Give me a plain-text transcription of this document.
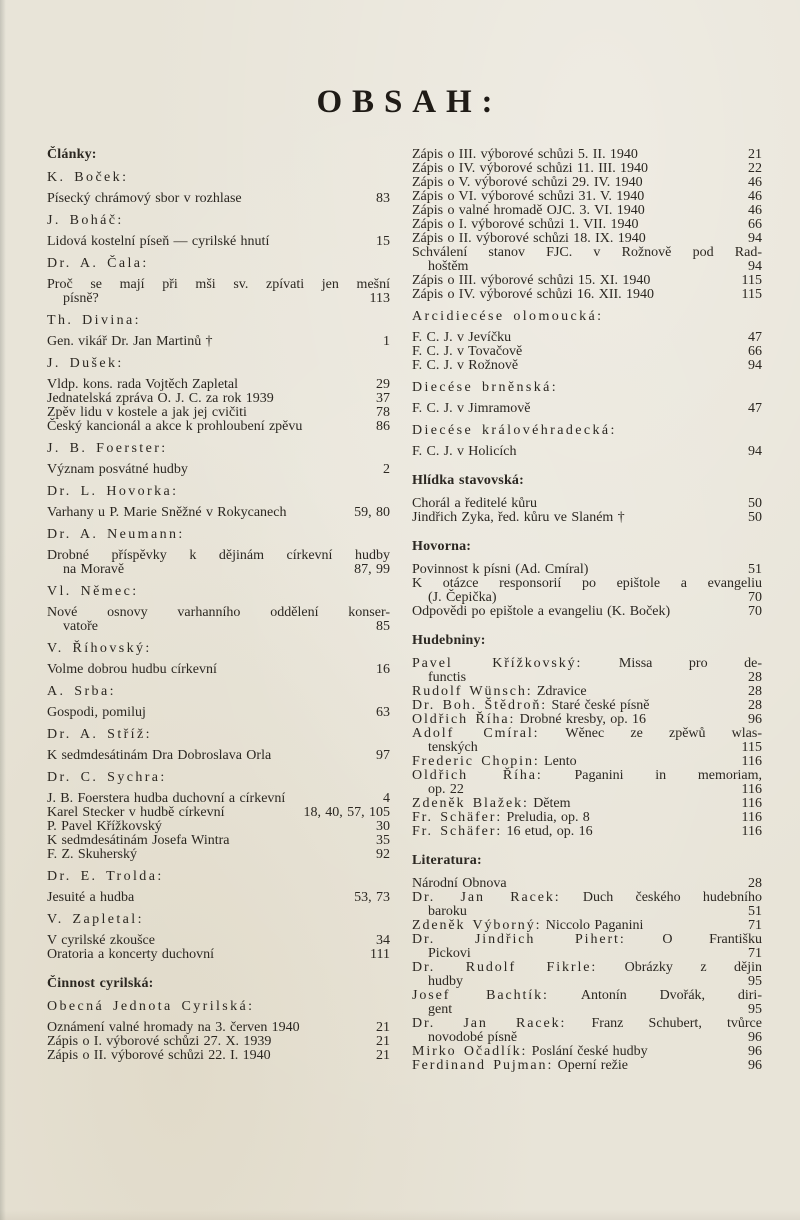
OBSAH:
Články:
K. Boček:
Písecký chrámový sbor v rozhlase	83
J. Boháč:
Lidová kostelní píseň — cyrilské hnutí	15
Dr. A. Čala:
Proč se mají při mši sv. zpívati jen mešní
písně?	113
Th. Divina:
Gen. vikář Dr. Jan Martinů †	1
J. Dušek:
Vldp. kons. rada Vojtěch Zapletal	29
Jednatelská zpráva O. J. C. za rok 1939	37
Zpěv lidu v kostele a jak jej cvičiti	78
Český kancionál a akce k prohloubení zpěvu	86
J. B. Foerster:
Význam posvátné hudby	2
Dr. L. Hovorka:
Varhany u P. Marie Sněžné v Rokycanech	59, 80
Dr. A. Neumann:
Drobné příspěvky k dějinám církevní hudby
na Moravě	87, 99
Vl. Němec:
Nové osnovy varhanního oddělení konser-
vatoře	85
V. Říhovský:
Volme dobrou hudbu církevní	16
A. Srba:
Gospodi, pomiluj	63
Dr. A. Stříž:
K sedmdesátinám Dra Dobroslava Orla	97
Dr. C. Sychra:
J. B. Foerstera hudba duchovní a církevní	4
Karel Stecker v hudbě církevní	18, 40, 57, 105
P. Pavel Křížkovský	30
K sedmdesátinám Josefa Wintra	35
F. Z. Skuherský	92
Dr. E. Trolda:
Jesuité a hudba	53, 73
V. Zapletal:
V cyrilské zkoušce	34
Oratoria a koncerty duchovní	111
Činnost cyrilská:
Obecná Jednota Cyrilská:
Oznámení valné hromady na 3. červen 1940	21
Zápis o I. výborové schůzi 27. X. 1939	21
Zápis o II. výborové schůzi 22. I. 1940	21
Zápis o III. výborové schůzi 5. II. 1940	21
Zápis o IV. výborové schůzi 11. III. 1940	22
Zápis o V. výborové schůzi 29. IV. 1940	46
Zápis o VI. výborové schůzi 31. V. 1940	46
Zápis o valné hromadě OJC. 3. VI. 1940	46
Zápis o I. výborové schůzi 1. VII. 1940	66
Zápis o II. výborové schůzi 18. IX. 1940	94
Schválení stanov FJC. v Rožnově pod Rad-
hoštěm	94
Zápis o III. výborové schůzi 15. XI. 1940	115
Zápis o IV. výborové schůzi 16. XII. 1940	115
Arcidiecése olomoucká:
F. C. J. v Jevíčku	47
F. C. J. v Tovačově	66
F. C. J. v Rožnově	94
Diecése brněnská:
F. C. J. v Jimramově	47
Diecése královéhradecká:
F. C. J. v Holicích	94
Hlídka stavovská:
Chorál a ředitelé kůru	50
Jindřich Zyka, řed. kůru ve Slaném †	50
Hovorna:
Povinnost k písni (Ad. Cmíral)	51
K otázce responsorií po epištole a evangeliu
(J. Čepička)	70
Odpovědi po epištole a evangeliu (K. Boček)	70
Hudebniny:
Pavel Křížkovský:	Missa pro de-
functis	28
Rudolf Wünsch: Zdravice	28
Dr. Boh. Štědroň: Staré české písně	28
Oldřich Říha: Drobné kresby, op. 16	96
Adolf Cmíral: Wěnec ze zpěwů wlas-
tenských	115
Frederic Chopin: Lento	116
Oldřich Říha: Paganini in memoriam,
op. 22	116
Zdeněk Blažek: Dětem	116
Fr. Schäfer: Preludia, op. 8	116
Fr. Schäfer: 16 etud, op. 16	116
Literatura:
Národní Obnova	28
Dr. Jan Racek: Duch českého hudebního
baroku	51
Zdeněk Výborný: Niccolo Paganini	71
Dr. Jindřich Pihert:	O Františku
Pickovi	71
Dr. Rudolf Fikrle: Obrázky z dějin
hudby	95
Josef Bachtík: Antonín Dvořák, diri-
gent	95
Dr. Jan Racek: Franz Schubert, tvůrce
novodobé písně	96
Mirko Očadlík: Poslání české hudby	96
Ferdinand Pujman: Operní režie	96
